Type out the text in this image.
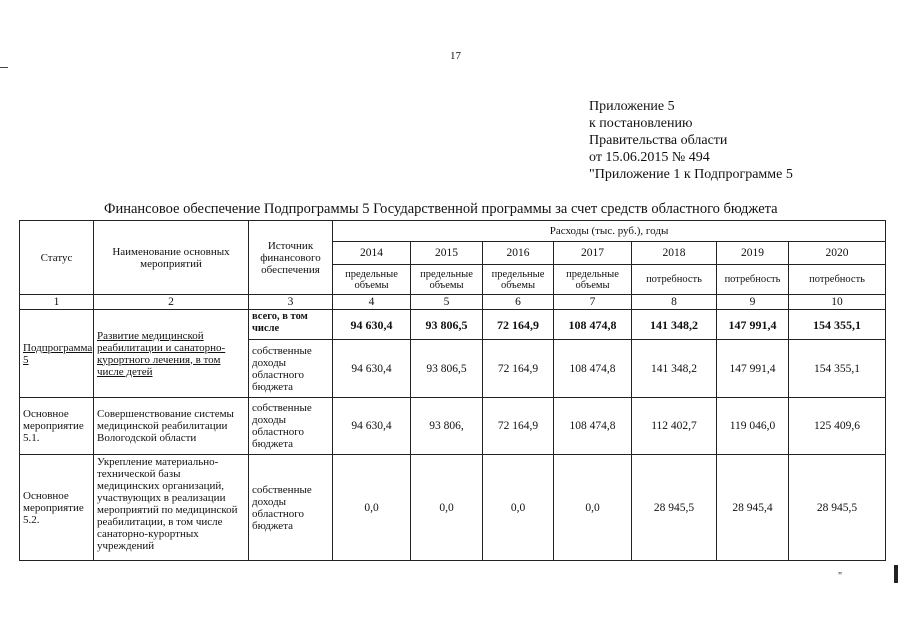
17
Приложение 5
к постановлению
Правительства области
от 15.06.2015 № 494
"Приложение 1 к Подпрограмме 5
Финансовое обеспечение Подпрограммы 5 Государственной программы за счет средств областного бюджета
Статус	Наименование основных мероприятий	Источник финансового обеспечения	Расходы (тыс. руб.), годы						
			2014	2015	2016	2017	2018	2019	2020
			предельные объемы	предельные объемы	предельные объемы	предельные объемы	потребность	потребность	потребность
1	2	3	4	5	6	7	8	9	10
Подпрограмма 5	Развитие медицинской реабилитации и санаторно-курортного лечения, в том числе детей	всего, в том числе	94 630,4	93 806,5	72 164,9	108 474,8	141 348,2	147 991,4	154 355,1
		собственные доходы областного бюджета	94 630,4	93 806,5	72 164,9	108 474,8	141 348,2	147 991,4	154 355,1
Основное мероприятие 5.1.	Совершенствование системы медицинской реабилитации Вологодской области	собственные доходы областного бюджета	94 630,4	93 806,	72 164,9	108 474,8	112 402,7	119 046,0	125 409,6
Основное мероприятие 5.2.	Укрепление материально-технической базы медицинских организаций, участвующих в реализации мероприятий по медицинской реабилитации, в том числе санаторно-курортных учреждений	собственные доходы областного бюджета	0,0	0,0	0,0	0,0	28 945,5	28 945,4	28 945,5
"
